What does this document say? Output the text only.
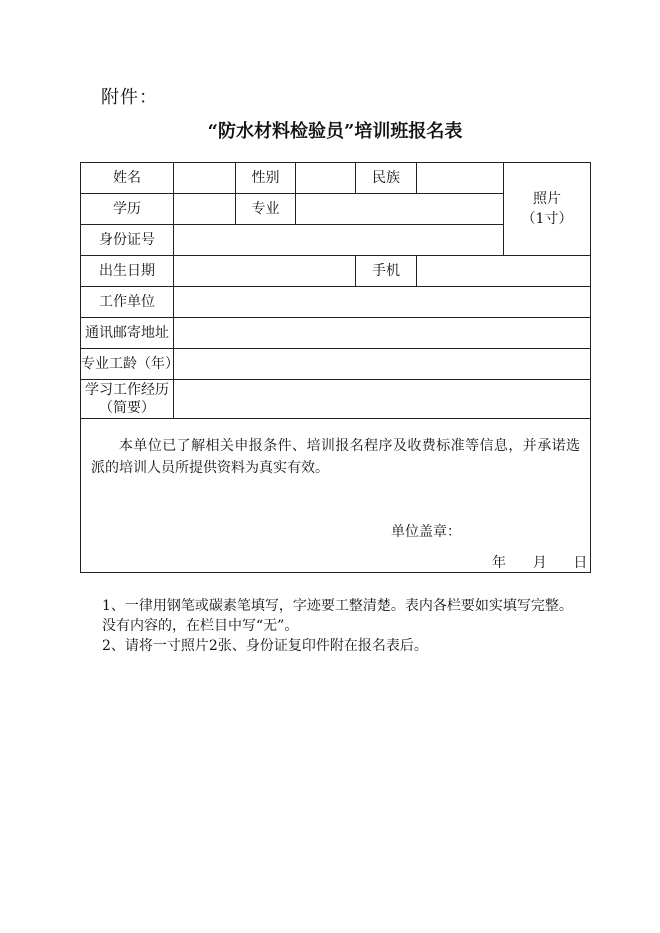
附件：
“防水材料检验员”培训班报名表
姓名		性别		民族		照片
（1寸）

学历		专业				
身份证号						
出生日期				手机		
工作单位						
通讯邮寄地址						
专业工龄（年）						

学习工作经历
（简要）						

本单位已了解相关申报条件、培训报名程序及收费标准等信息，并承诺选派的培训人员所提供资料为真实有效。
单位盖章：
年 月 日						
1、一律用钢笔或碳素笔填写，字迹要工整清楚。表内各栏要如实填写完整。
没有内容的，在栏目中写“无”。
2、请将一寸照片2张、身份证复印件附在报名表后。
